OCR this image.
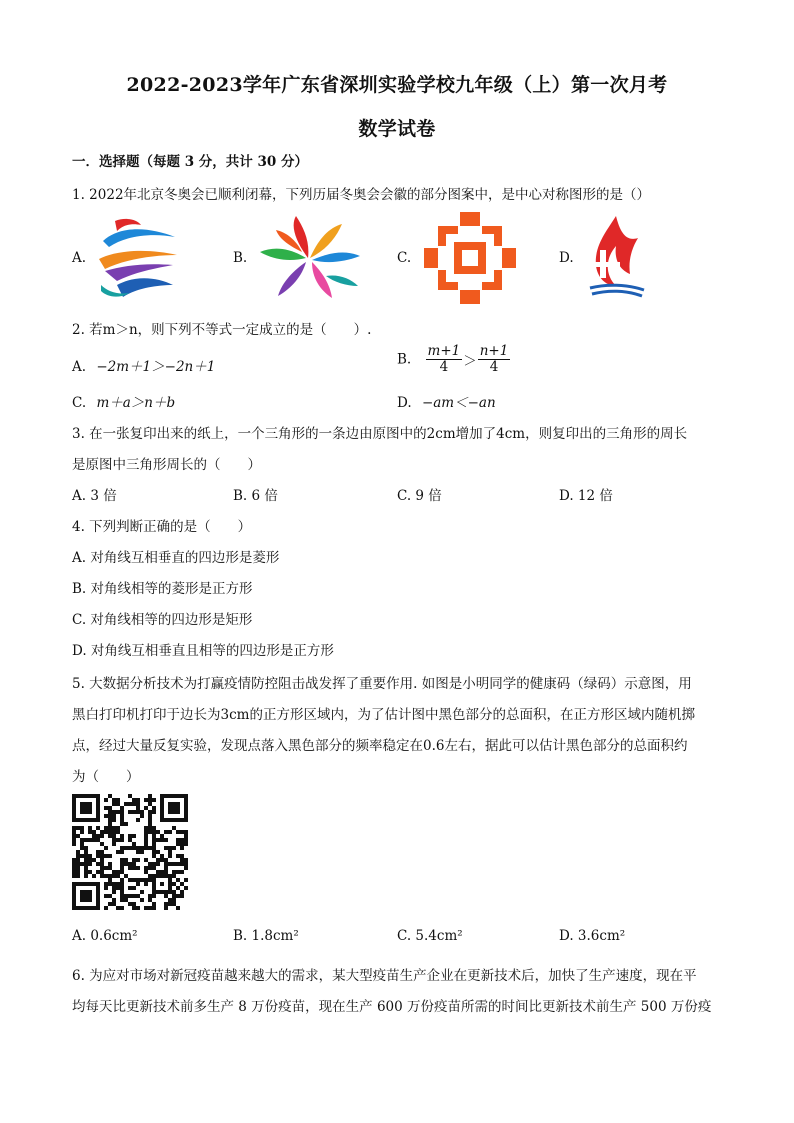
2022-2023学年广东省深圳实验学校九年级（上）第一次月考
数学试卷
一．选择题（每题 3 分，共计 30 分）
1. 2022年北京冬奥会已顺利闭幕，下列历届冬奥会会徽的部分图案中，是中心对称图形的是（）
A.	B.	C.	D.
2. 若m＞n，则下列不等式一定成立的是（　　）.
A. −2m＋1＞−2n＋1	B. $\frac{m+1}{4} > \frac{n+1}{4}$
C. m＋a＞n＋b	D. −am＜−an
3. 在一张复印出来的纸上，一个三角形的一条边由原图中的2cm增加了4cm，则复印出的三角形的周长
是原图中三角形周长的（　　）
A. 3 倍	B. 6 倍	C. 9 倍	D. 12 倍
4. 下列判断正确的是（　　）
A. 对角线互相垂直的四边形是菱形
B. 对角线相等的菱形是正方形
C. 对角线相等的四边形是矩形
D. 对角线互相垂直且相等的四边形是正方形
5. 大数据分析技术为打赢疫情防控阻击战发挥了重要作用. 如图是小明同学的健康码（绿码）示意图，用
黑白打印机打印于边长为3cm的正方形区域内，为了估计图中黑色部分的总面积，在正方形区域内随机掷
点，经过大量反复实验，发现点落入黑色部分的频率稳定在0.6左右，据此可以估计黑色部分的总面积约
为（　　）
A. 0.6cm²	B. 1.8cm²	C. 5.4cm²	D. 3.6cm²
6. 为应对市场对新冠疫苗越来越大的需求，某大型疫苗生产企业在更新技术后，加快了生产速度，现在平
均每天比更新技术前多生产 8 万份疫苗，现在生产 600 万份疫苗所需的时间比更新技术前生产 500 万份疫
